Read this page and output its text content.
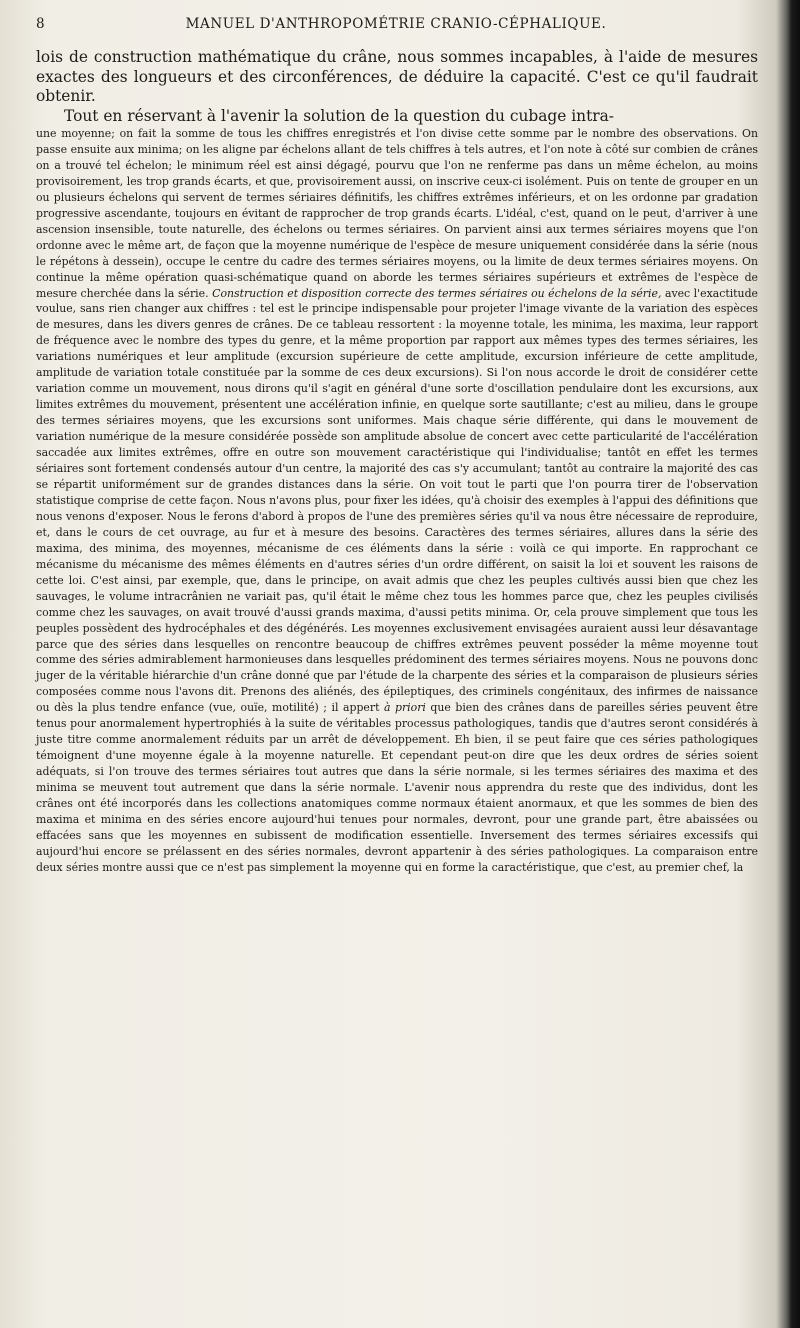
8	MANUEL D'ANTHROPOMÉTRIE CRANIO-CÉPHALIQUE.

lois de construction mathématique du crâne, nous sommes incapables, à l'aide de mesures exactes des longueurs et des circonférences, de déduire la capacité. C'est ce qu'il faudrait obtenir.

Tout en réservant à l'avenir la solution de la question du cubage intra-

une moyenne; on fait la somme de tous les chiffres enregistrés et l'on divise cette somme par le nombre des observations. On passe ensuite aux minima; on les aligne par échelons allant de tels chiffres à tels autres, et l'on note à côté sur combien de crânes on a trouvé tel échelon; le minimum réel est ainsi dégagé, pourvu que l'on ne renferme pas dans un même échelon, au moins provisoirement, les trop grands écarts, et que, provisoirement aussi, on inscrive ceux-ci isolément. Puis on tente de grouper en un ou plusieurs échelons qui servent de termes sériaires définitifs, les chiffres extrêmes inférieurs, et on les ordonne par gradation progressive ascendante, toujours en évitant de rapprocher de trop grands écarts. L'idéal, c'est, quand on le peut, d'arriver à une ascension insensible, toute naturelle, des échelons ou termes sériaires. On parvient ainsi aux termes sériaires moyens que l'on ordonne avec le même art, de façon que la moyenne numérique de l'espèce de mesure uniquement considérée dans la série (nous le répétons à dessein), occupe le centre du cadre des termes sériaires moyens, ou la limite de deux termes sériaires moyens. On continue la même opération quasi-schématique quand on aborde les termes sériaires supérieurs et extrêmes de l'espèce de mesure cherchée dans la série. Construction et disposition correcte des termes sériaires ou échelons de la série, avec l'exactitude voulue, sans rien changer aux chiffres : tel est le principe indispensable pour projeter l'image vivante de la variation des espèces de mesures, dans les divers genres de crânes. De ce tableau ressortent : la moyenne totale, les minima, les maxima, leur rapport de fréquence avec le nombre des types du genre, et la même proportion par rapport aux mêmes types des termes sériaires, les variations numériques et leur amplitude (excursion supérieure de cette amplitude, excursion inférieure de cette amplitude, amplitude de variation totale constituée par la somme de ces deux excursions). Si l'on nous accorde le droit de considérer cette variation comme un mouvement, nous dirons qu'il s'agit en général d'une sorte d'oscillation pendulaire dont les excursions, aux limites extrêmes du mouvement, présentent une accélération infinie, en quelque sorte sautillante; c'est au milieu, dans le groupe des termes sériaires moyens, que les excursions sont uniformes. Mais chaque série différente, qui dans le mouvement de variation numérique de la mesure considérée possède son amplitude absolue de concert avec cette particularité de l'accélération saccadée aux limites extrêmes, offre en outre son mouvement caractéristique qui l'individualise; tantôt en effet les termes sériaires sont fortement condensés autour d'un centre, la majorité des cas s'y accumulant; tantôt au contraire la majorité des cas se répartit uniformément sur de grandes distances dans la série. On voit tout le parti que l'on pourra tirer de l'observation statistique comprise de cette façon. Nous n'avons plus, pour fixer les idées, qu'à choisir des exemples à l'appui des définitions que nous venons d'exposer. Nous le ferons d'abord à propos de l'une des premières séries qu'il va nous être nécessaire de reproduire, et, dans le cours de cet ouvrage, au fur et à mesure des besoins. Caractères des termes sériaires, allures dans la série des maxima, des minima, des moyennes, mécanisme de ces éléments dans la série : voilà ce qui importe. En rapprochant ce mécanisme du mécanisme des mêmes éléments en d'autres séries d'un ordre différent, on saisit la loi et souvent les raisons de cette loi. C'est ainsi, par exemple, que, dans le principe, on avait admis que chez les peuples cultivés aussi bien que chez les sauvages, le volume intracrânien ne variait pas, qu'il était le même chez tous les hommes parce que, chez les peuples civilisés comme chez les sauvages, on avait trouvé d'aussi grands maxima, d'aussi petits minima. Or, cela prouve simplement que tous les peuples possèdent des hydrocéphales et des dégénérés. Les moyennes exclusivement envisagées auraient aussi leur désavantage parce que des séries dans lesquelles on rencontre beaucoup de chiffres extrêmes peuvent posséder la même moyenne tout comme des séries admirablement harmonieuses dans lesquelles prédominent des termes sériaires moyens. Nous ne pouvons donc juger de la véritable hiérarchie d'un crâne donné que par l'étude de la charpente des séries et la comparaison de plusieurs séries composées comme nous l'avons dit. Prenons des aliénés, des épileptiques, des criminels congénitaux, des infirmes de naissance ou dès la plus tendre enfance (vue, ouïe, motilité) ; il appert à priori que bien des crânes dans de pareilles séries peuvent être tenus pour anormalement hypertrophiés à la suite de véritables processus pathologiques, tandis que d'autres seront considérés à juste titre comme anormalement réduits par un arrêt de développement. Eh bien, il se peut faire que ces séries pathologiques témoignent d'une moyenne égale à la moyenne naturelle. Et cependant peut-on dire que les deux ordres de séries soient adéquats, si l'on trouve des termes sériaires tout autres que dans la série normale, si les termes sériaires des maxima et des minima se meuvent tout autrement que dans la série normale. L'avenir nous apprendra du reste que des individus, dont les crânes ont été incorporés dans les collections anatomiques comme normaux étaient anormaux, et que les sommes de bien des maxima et minima en des séries encore aujourd'hui tenues pour normales, devront, pour une grande part, être abaissées ou effacées sans que les moyennes en subissent de modification essentielle. Inversement des termes sériaires excessifs qui aujourd'hui encore se prélassent en des séries normales, devront appartenir à des séries pathologiques. La comparaison entre deux séries montre aussi que ce n'est pas simplement la moyenne qui en forme la caractéristique, que c'est, au premier chef, la
